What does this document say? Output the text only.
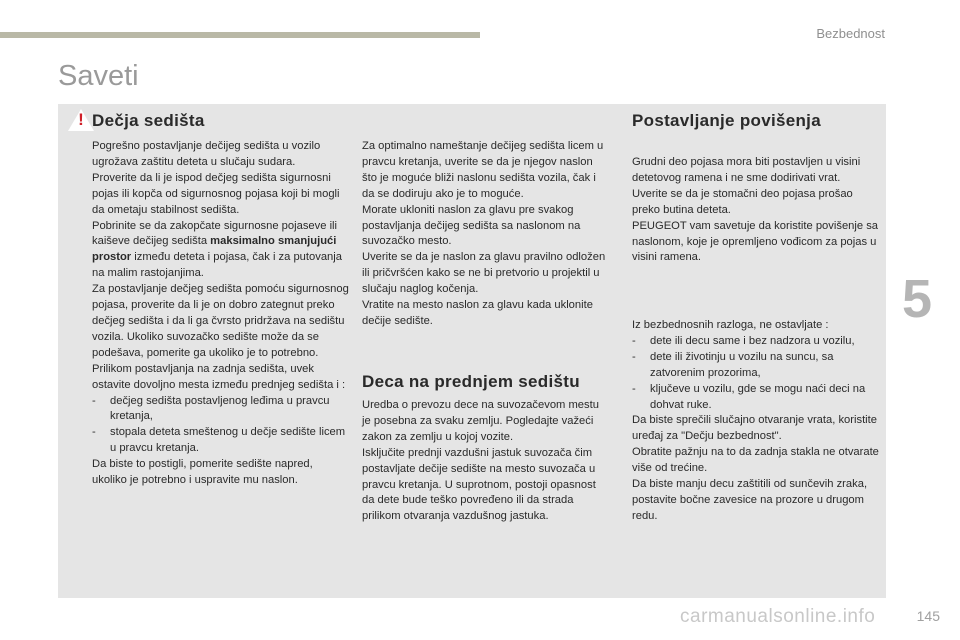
Bezbednost
5
Saveti
! Dečja sedišta

Pogrešno postavljanje dečijeg sedišta u vozilo ugrožava zaštitu deteta u slučaju sudara.

Proverite da li je ispod dečjeg sedišta sigurnosni pojas ili kopča od sigurnosnog pojasa koji bi mogli da ometaju stabilnost sedišta.

Pobrinite se da zakopčate sigurnosne pojaseve ili kaiševe dečijeg sedišta maksimalno smanjujući prostor između deteta i pojasa, čak i za putovanja na malim rastojanjima.

Za postavljanje dečjeg sedišta pomoću sigurnosnog pojasa, proverite da li je on dobro zategnut preko dečjeg sedišta i da li ga čvrsto pridržava na sedištu vozila. Ukoliko suvozačko sedište može da se podešava, pomerite ga ukoliko je to potrebno.

Prilikom postavljanja na zadnja sedišta, uvek ostavite dovoljno mesta između prednjeg sedišta i :

- dečjeg sedišta postavljenog leđima u pravcu kretanja,

- stopala deteta smeštenog u dečje sedište licem u pravcu kretanja.

Da biste to postigli, pomerite sedište napred, ukoliko je potrebno i uspravite mu naslon.

Za optimalno nameštanje dečijeg sedišta licem u pravcu kretanja, uverite se da je njegov naslon što je moguće bliži naslonu sedišta vozila, čak i da se dodiruju ako je to moguće.

Morate ukloniti naslon za glavu pre svakog postavljanja dečijeg sedišta sa naslonom na suvozačko mesto.

Uverite se da je naslon za glavu pravilno odložen ili pričvršćen kako se ne bi pretvorio u projektil u slučaju naglog kočenja.

Vratite na mesto naslon za glavu kada uklonite dečije sedište.

Deca na prednjem sedištu

Uredba o prevozu dece na suvozačevom mestu je posebna za svaku zemlju. Pogledajte važeći zakon za zemlju u kojoj vozite.

Isključite prednji vazdušni jastuk suvozača čim postavljate dečije sedište na mesto suvozača u pravcu kretanja. U suprotnom, postoji opasnost da dete bude teško povređeno ili da strada prilikom otvaranja vazdušnog jastuka.

Postavljanje povišenja

Grudni deo pojasa mora biti postavljen u visini detetovog ramena i ne sme dodirivati vrat.

Uverite se da je stomačni deo pojasa prošao preko butina deteta.

PEUGEOT vam savetuje da koristite povišenje sa naslonom, koje je opremljeno vođicom za pojas u visini ramena.

Iz bezbednosnih razloga, ne ostavljate :

- dete ili decu same i bez nadzora u vozilu,

- dete ili životinju u vozilu na suncu, sa zatvorenim prozorima,

- ključeve u vozilu, gde se mogu naći deci na dohvat ruke.

Da biste sprečili slučajno otvaranje vrata, koristite uređaj za "Dečju bezbednost".

Obratite pažnju na to da zadnja stakla ne otvarate više od trećine.

Da biste manju decu zaštitili od sunčevih zraka, postavite bočne zavesice na prozore u drugom redu.

carmanualsonline.info	145
